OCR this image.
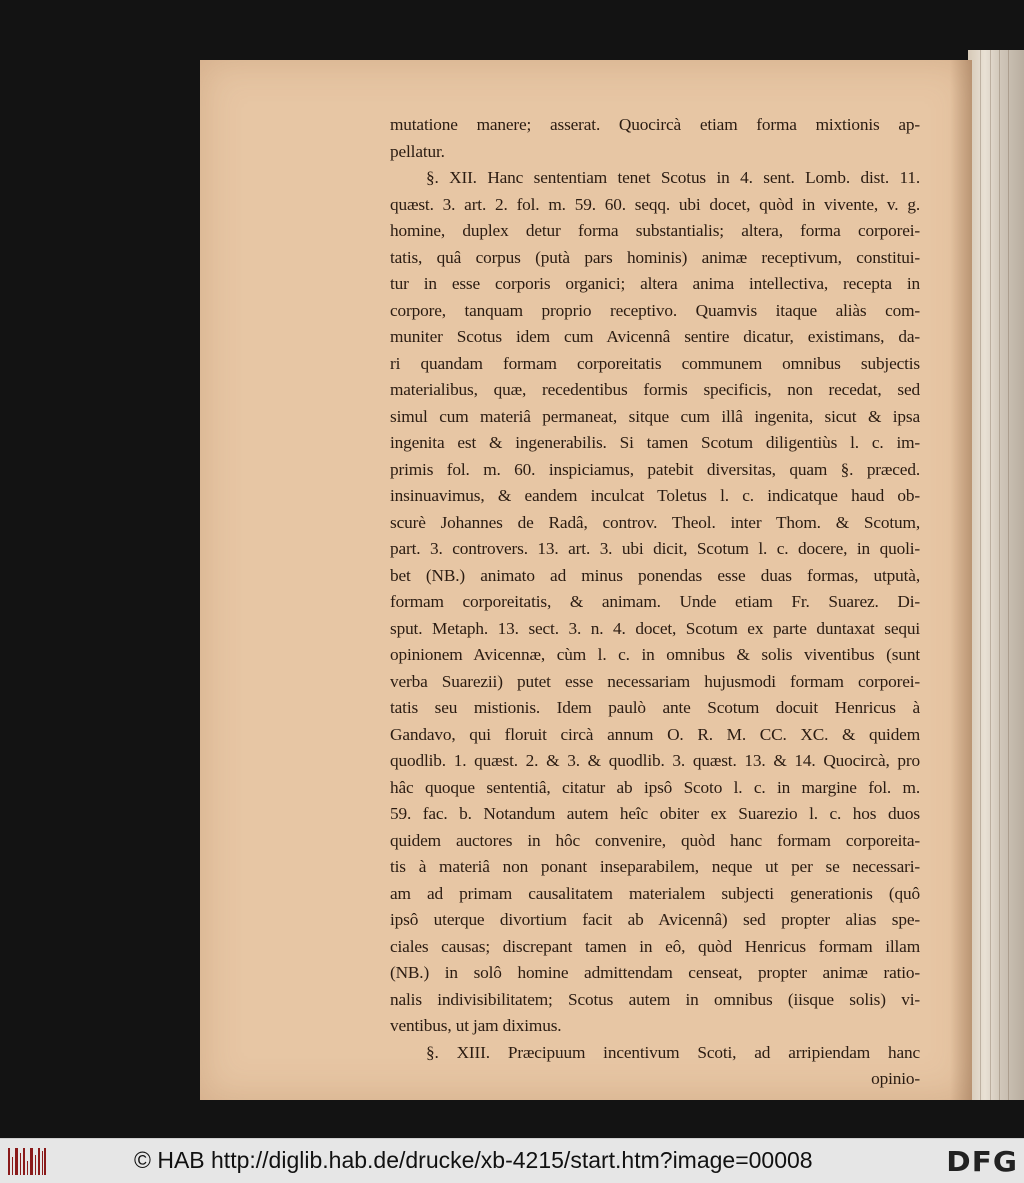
mutatione manere; asserat. Quocircà etiam forma mixtionis ap-
pellatur.
§. XII. Hanc sententiam tenet Scotus in 4. sent. Lomb. dist. 11.
quæst. 3. art. 2. fol. m. 59. 60. seqq. ubi docet, quòd in vivente, v. g.
homine, duplex detur forma substantialis; altera, forma corporei-
tatis, quâ corpus (putà pars hominis) animæ receptivum, constitui-
tur in esse corporis organici; altera anima intellectiva, recepta in
corpore, tanquam proprio receptivo. Quamvis itaque aliàs com-
muniter Scotus idem cum Avicennâ sentire dicatur, existimans, da-
ri quandam formam corporeitatis communem omnibus subjectis
materialibus, quæ, recedentibus formis specificis, non recedat, sed
simul cum materiâ permaneat, sitque cum illâ ingenita, sicut & ipsa
ingenita est & ingenerabilis. Si tamen Scotum diligentiùs l. c. im-
primis fol. m. 60. inspiciamus, patebit diversitas, quam §. præced.
insinuavimus, & eandem inculcat Toletus l. c. indicatque haud ob-
scurè Johannes de Radâ, controv. Theol. inter Thom. & Scotum,
part. 3. controvers. 13. art. 3. ubi dicit, Scotum l. c. docere, in quoli-
bet (NB.) animato ad minus ponendas esse duas formas, utputà,
formam corporeitatis, & animam. Unde etiam Fr. Suarez. Di-
sput. Metaph. 13. sect. 3. n. 4. docet, Scotum ex parte duntaxat sequi
opinionem Avicennæ, cùm l. c. in omnibus & solis viventibus (sunt
verba Suarezii) putet esse necessariam hujusmodi formam corporei-
tatis seu mistionis. Idem paulò ante Scotum docuit Henricus à
Gandavo, qui floruit circà annum O. R. M. CC. XC. & quidem
quodlib. 1. quæst. 2. & 3. & quodlib. 3. quæst. 13. & 14. Quocircà, pro
hâc quoque sententiâ, citatur ab ipsô Scoto l. c. in margine fol. m.
59. fac. b. Notandum autem heîc obiter ex Suarezio l. c. hos duos
quidem auctores in hôc convenire, quòd hanc formam corporeita-
tis à materiâ non ponant inseparabilem, neque ut per se necessari-
am ad primam causalitatem materialem subjecti generationis (quô
ipsô uterque divortium facit ab Avicennâ) sed propter alias spe-
ciales causas; discrepant tamen in eô, quòd Henricus formam illam
(NB.) in solô homine admittendam censeat, propter animæ ratio-
nalis indivisibilitatem; Scotus autem in omnibus (iisque solis) vi-
ventibus, ut jam diximus.
§. XIII. Præcipuum incentivum Scoti, ad arripiendam hanc
opinio-
© HAB http://diglib.hab.de/drucke/xb-4215/start.htm?image=00008	DFG
